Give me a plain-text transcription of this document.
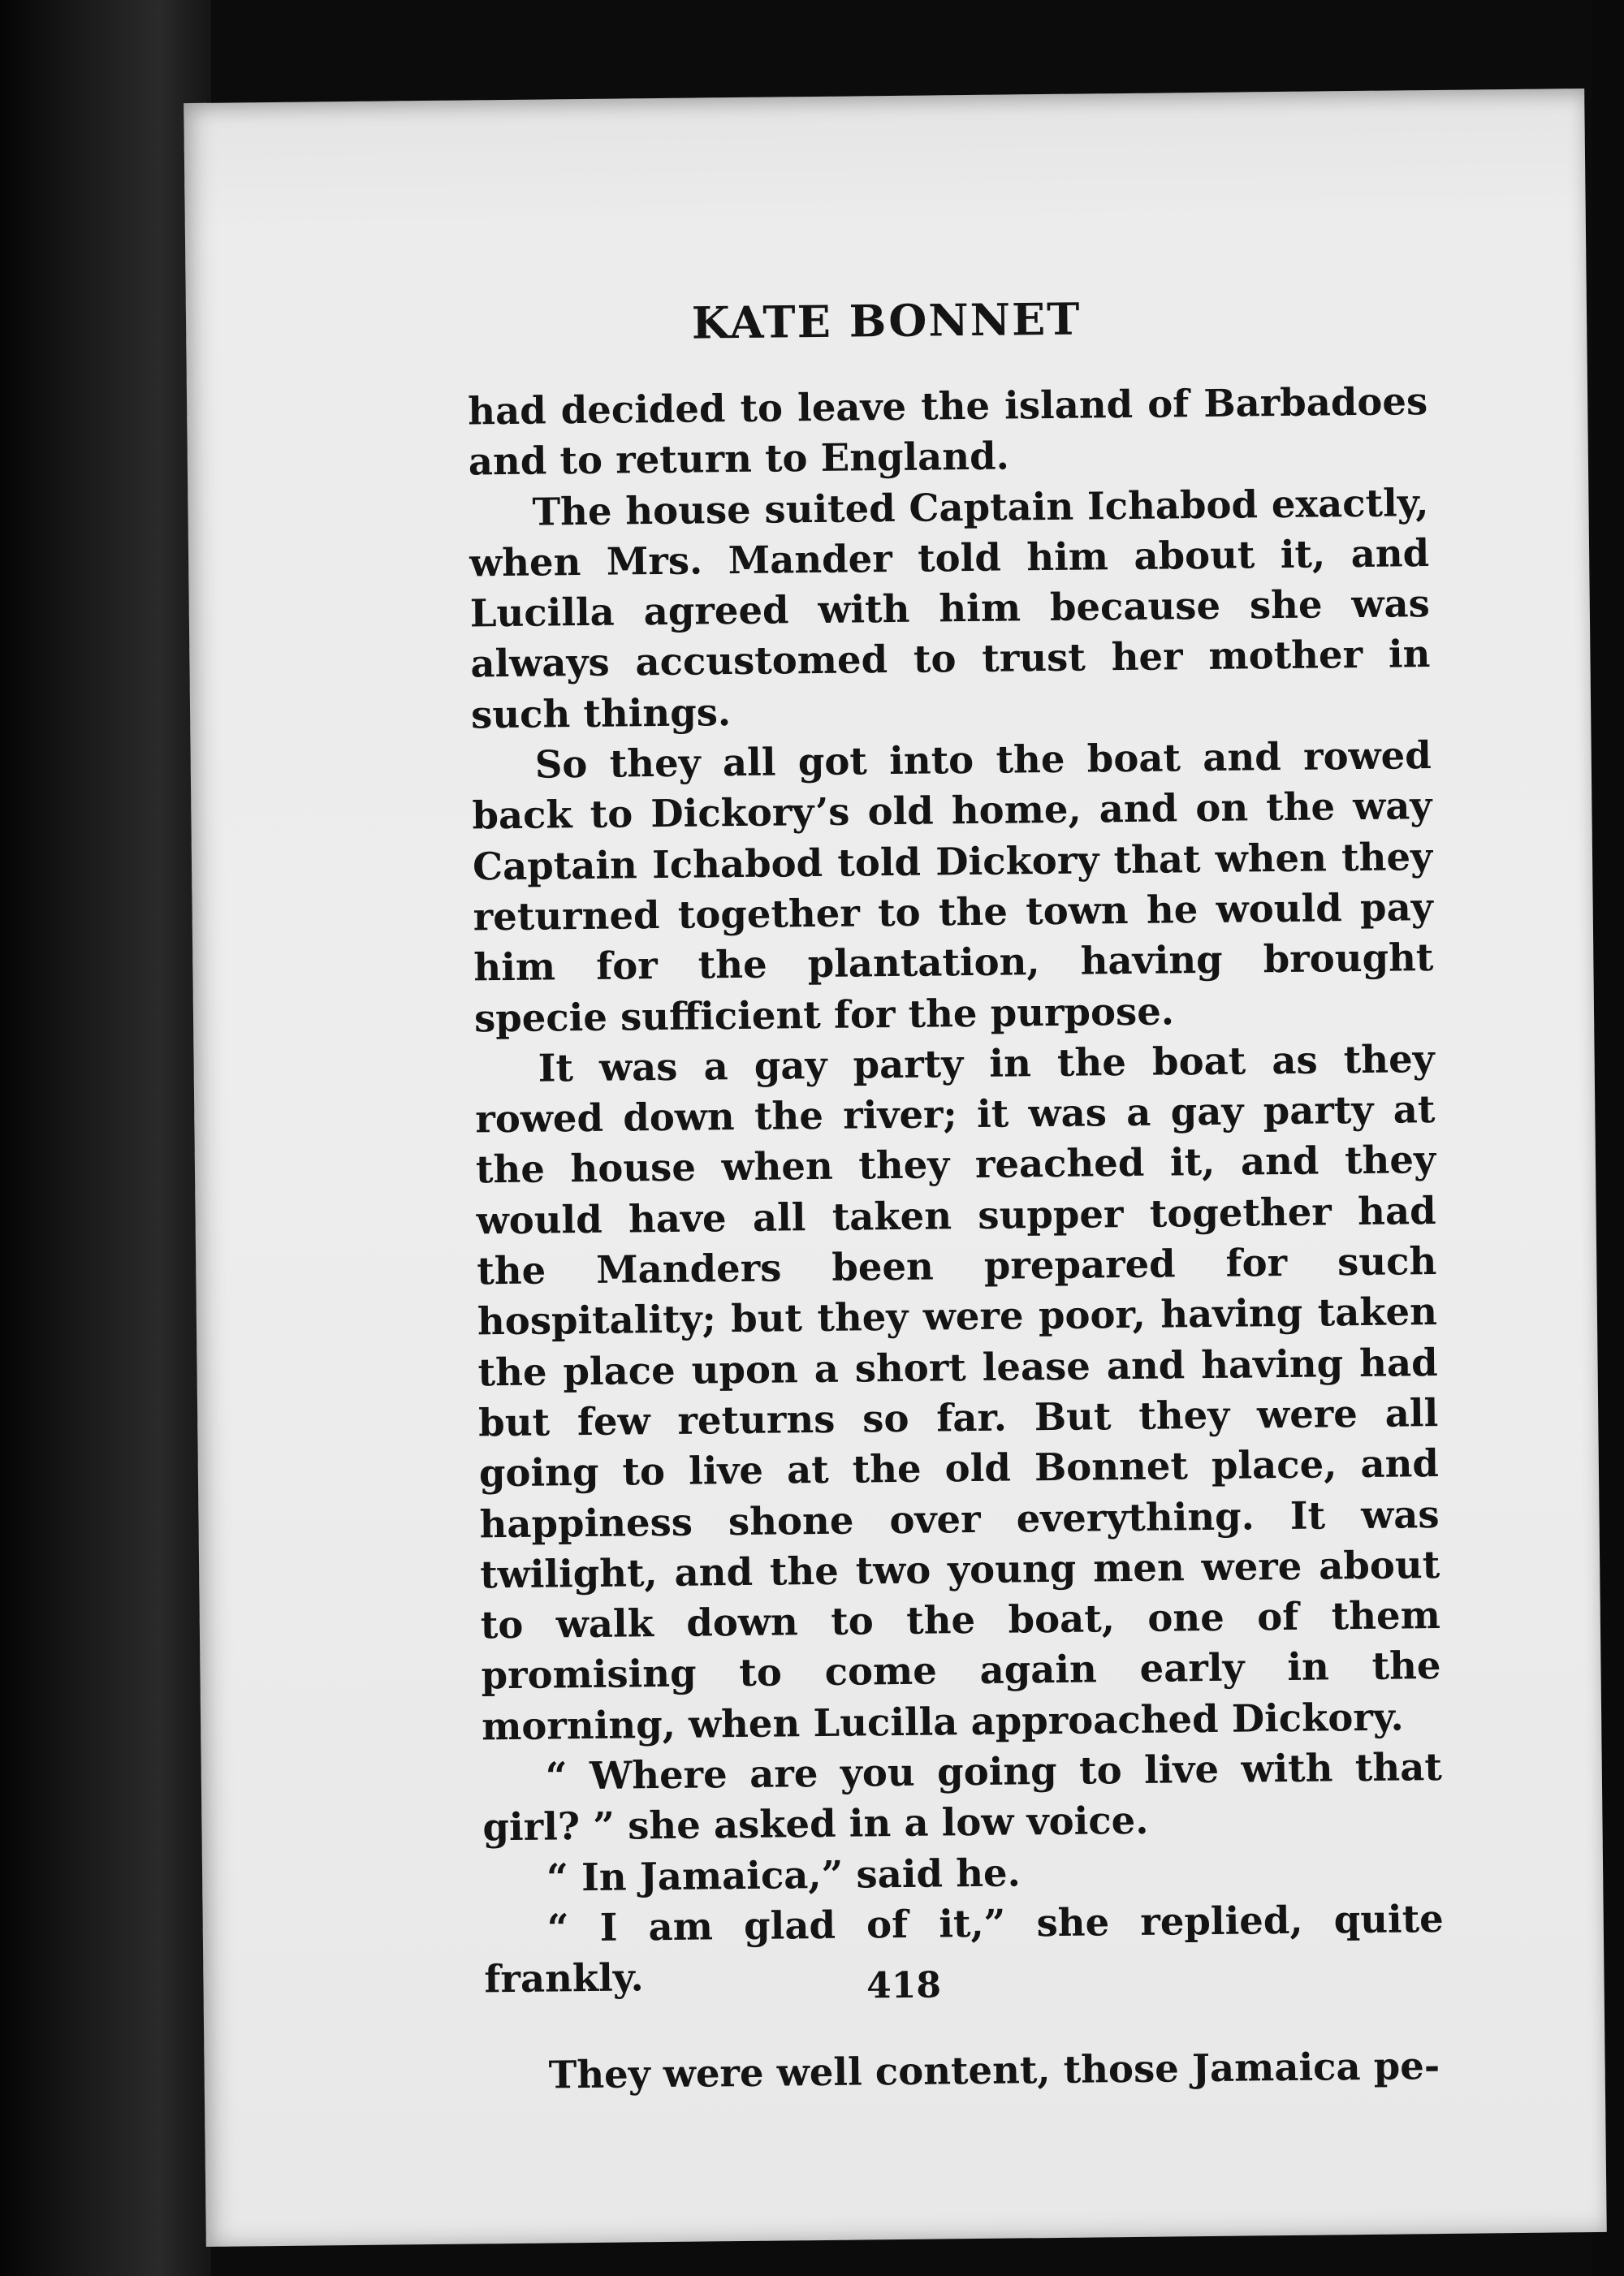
KATE BONNET

had decided to leave the island of Barbadoes and to return to England.

The house suited Captain Ichabod exactly, when Mrs. Mander told him about it, and Lucilla agreed with him because she was always accustomed to trust her mother in such things.

So they all got into the boat and rowed back to Dickory’s old home, and on the way Captain Ichabod told Dickory that when they returned together to the town he would pay him for the plantation, having brought specie sufficient for the purpose.

It was a gay party in the boat as they rowed down the river; it was a gay party at the house when they reached it, and they would have all taken supper together had the Manders been prepared for such hospitality; but they were poor, having taken the place upon a short lease and having had but few returns so far. But they were all going to live at the old Bonnet place, and happiness shone over everything. It was twilight, and the two young men were about to walk down to the boat, one of them promising to come again early in the morning, when Lucilla approached Dickory.

“ Where are you going to live with that girl? ” she asked in a low voice.

“ In Jamaica,” said he.

“ I am glad of it,” she replied, quite frankly.

They were well content, those Jamaica pe-

418
